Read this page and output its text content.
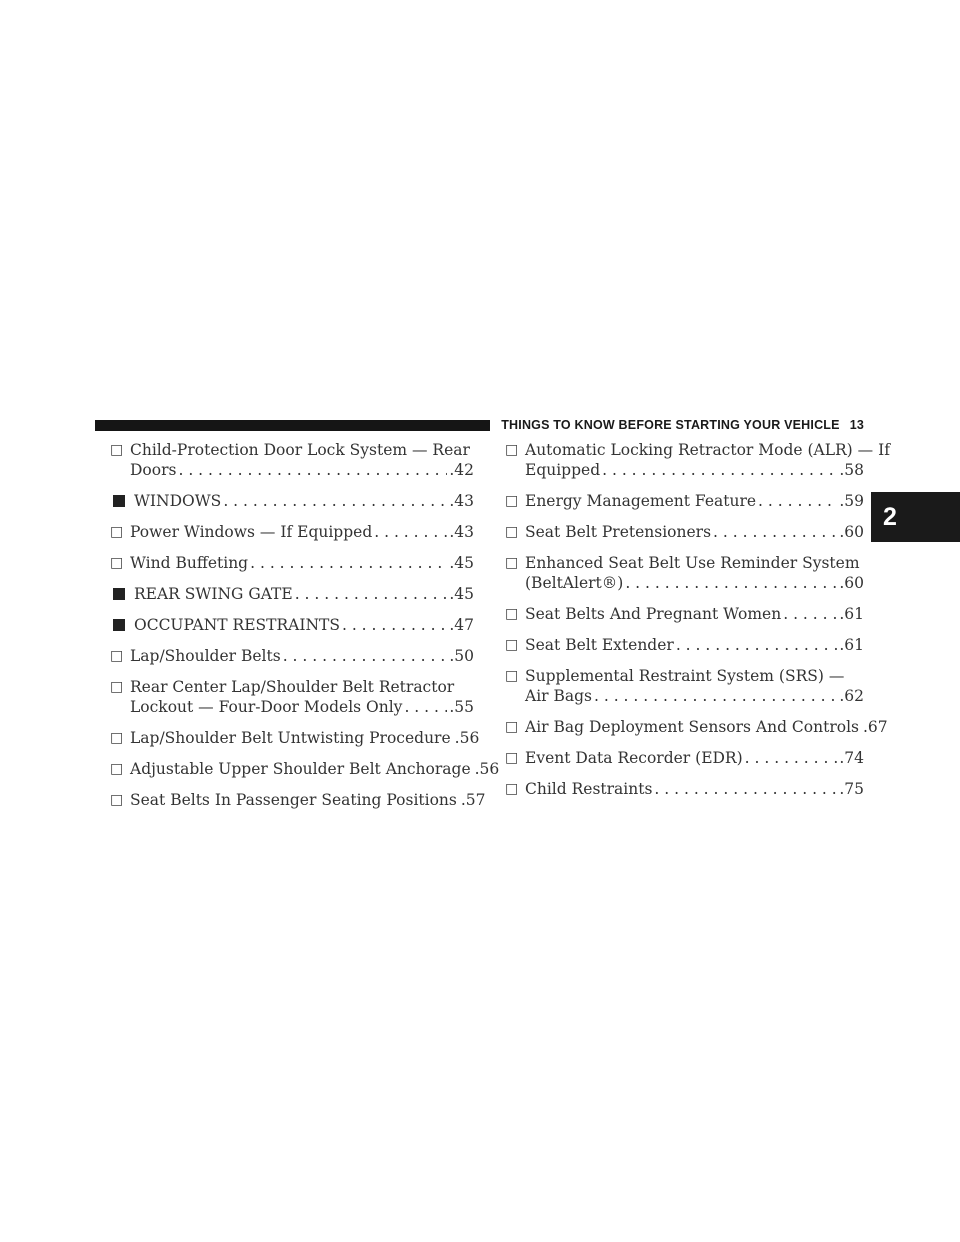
THINGS TO KNOW BEFORE STARTING YOUR VEHICLE 13
2
□ Child-Protection Door Lock System — Rear
Doors . . .	.42
WINDOWS . . .	.43
□ Power Windows — If Equipped . . .	.43
□ Wind Buffeting . . .	.45
REAR SWING GATE . . .	.45
OCCUPANT RESTRAINTS . . .	.47
□ Lap/Shoulder Belts . . .	.50
□ Rear Center Lap/Shoulder Belt Retractor
Lockout — Four-Door Models Only . . .	.55
□ Lap/Shoulder Belt Untwisting Procedure .56
□ Adjustable Upper Shoulder Belt Anchorage .56
□ Seat Belts In Passenger Seating Positions .57
□ Automatic Locking Retractor Mode (ALR) — If
Equipped . . .	.58
□ Energy Management Feature . . .	.59
□ Seat Belt Pretensioners . . .	.60
□ Enhanced Seat Belt Use Reminder System
(BeltAlert®) . . .	.60
□ Seat Belts And Pregnant Women . . .	.61
□ Seat Belt Extender . . .	.61
□ Supplemental Restraint System (SRS) —
Air Bags . . .	.62
□ Air Bag Deployment Sensors And Controls .67
□ Event Data Recorder (EDR) . . .	.74
□ Child Restraints . . .	.75
